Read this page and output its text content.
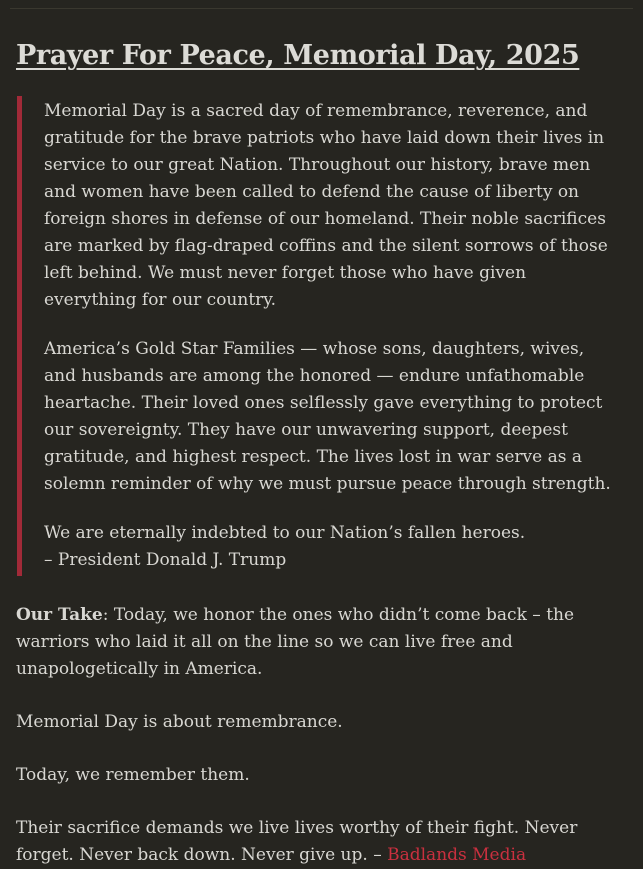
Prayer For Peace, Memorial Day, 2025

Memorial Day is a sacred day of remembrance, reverence, and gratitude for the brave patriots who have laid down their lives in service to our great Nation. Throughout our history, brave men and women have been called to defend the cause of liberty on foreign shores in defense of our homeland. Their noble sacrifices are marked by flag-draped coffins and the silent sorrows of those left behind. We must never forget those who have given everything for our country.

America’s Gold Star Families — whose sons, daughters, wives, and husbands are among the honored — endure unfathomable heartache. Their loved ones selflessly gave everything to protect our sovereignty. They have our unwavering support, deepest gratitude, and highest respect. The lives lost in war serve as a solemn reminder of why we must pursue peace through strength.

We are eternally indebted to our Nation’s fallen heroes.
– President Donald J. Trump

Our Take: Today, we honor the ones who didn’t come back – the warriors who laid it all on the line so we can live free and unapologetically in America.

Memorial Day is about remembrance.

Today, we remember them.

Their sacrifice demands we live lives worthy of their fight. Never forget. Never back down. Never give up. – Badlands Media
